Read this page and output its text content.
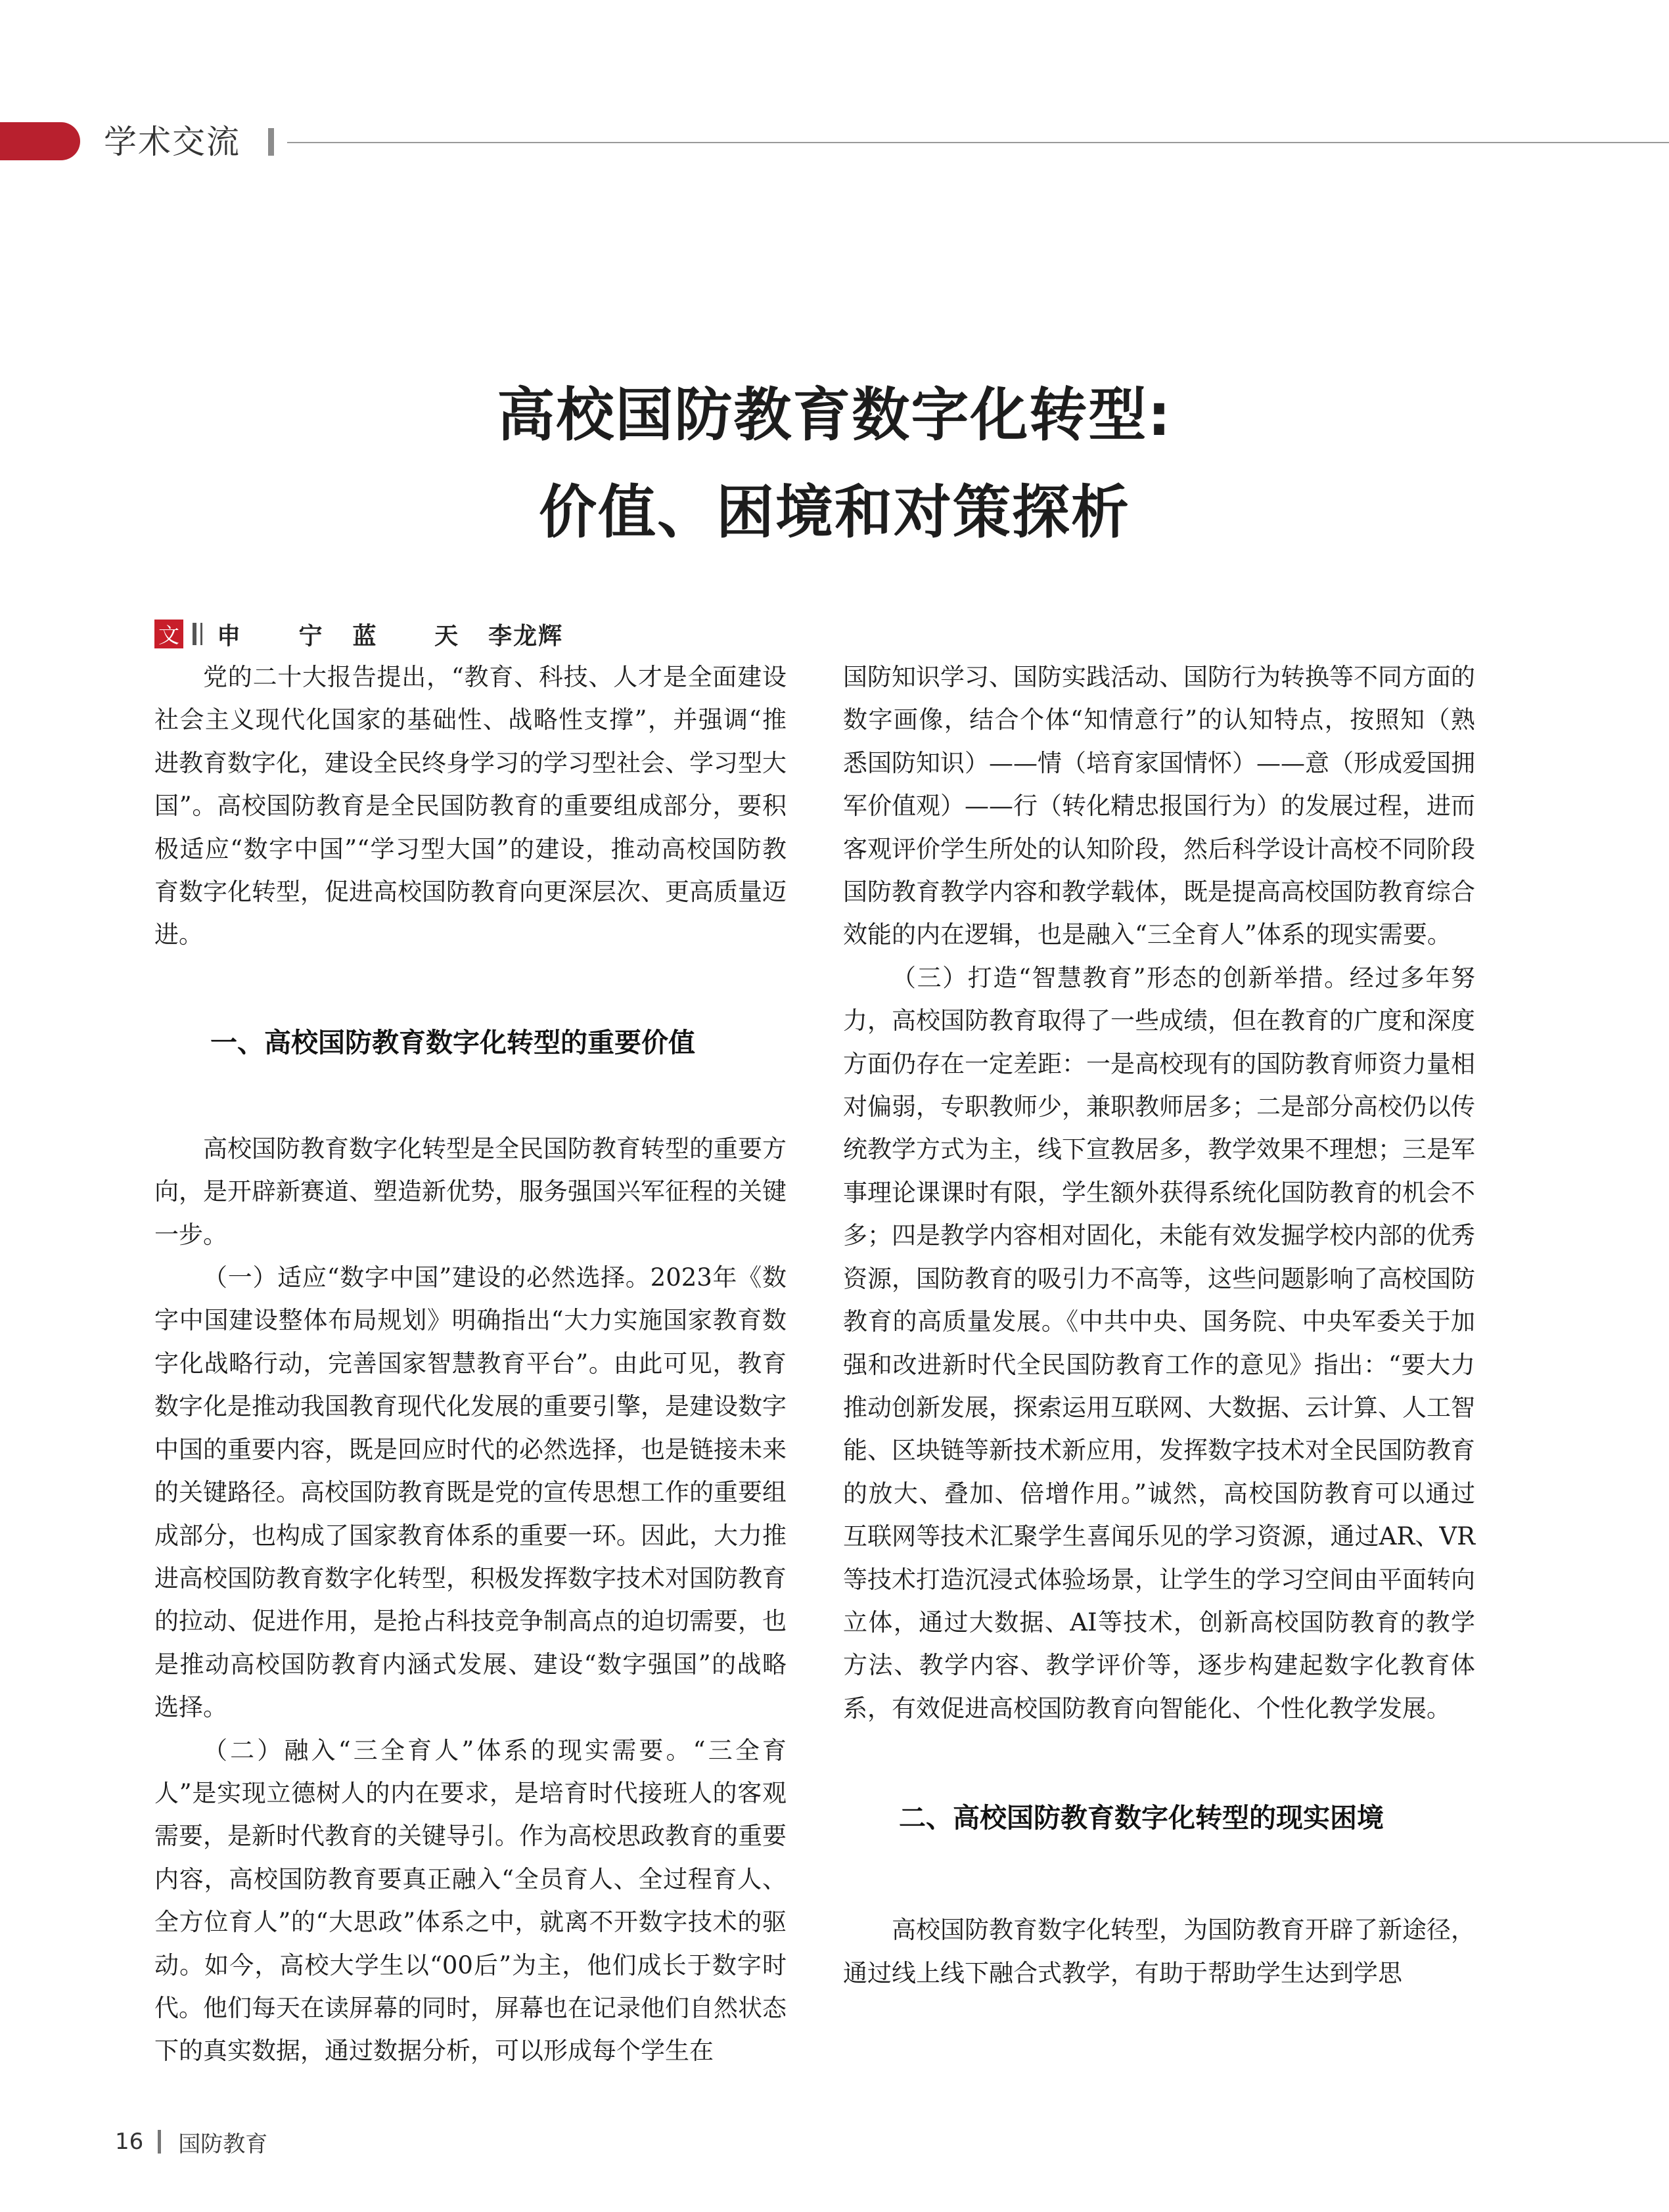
学术交流
高校国防教育数字化转型:
价值、困境和对策探析
文 申 宁 蓝 天 李龙辉

党的二十大报告提出，“教育、科技、人才是全面建设社会主义现代化国家的基础性、战略性支撑”，并强调“推进教育数字化，建设全民终身学习的学习型社会、学习型大国”。高校国防教育是全民国防教育的重要组成部分，要积极适应“数字中国”“学习型大国”的建设，推动高校国防教育数字化转型，促进高校国防教育向更深层次、更高质量迈进。

一、高校国防教育数字化转型的重要价值

高校国防教育数字化转型是全民国防教育转型的重要方向，是开辟新赛道、塑造新优势，服务强国兴军征程的关键一步。

（一）适应“数字中国”建设的必然选择。2023年《数字中国建设整体布局规划》明确指出“大力实施国家教育数字化战略行动，完善国家智慧教育平台”。由此可见，教育数字化是推动我国教育现代化发展的重要引擎，是建设数字中国的重要内容，既是回应时代的必然选择，也是链接未来的关键路径。高校国防教育既是党的宣传思想工作的重要组成部分，也构成了国家教育体系的重要一环。因此，大力推进高校国防教育数字化转型，积极发挥数字技术对国防教育的拉动、促进作用，是抢占科技竞争制高点的迫切需要，也是推动高校国防教育内涵式发展、建设“数字强国”的战略选择。

（二）融入“三全育人”体系的现实需要。“三全育人”是实现立德树人的内在要求，是培育时代接班人的客观需要，是新时代教育的关键导引。作为高校思政教育的重要内容，高校国防教育要真正融入“全员育人、全过程育人、全方位育人”的“大思政”体系之中，就离不开数字技术的驱动。如今，高校大学生以“00后”为主，他们成长于数字时代。他们每天在读屏幕的同时，屏幕也在记录他们自然状态下的真实数据，通过数据分析，可以形成每个学生在

国防知识学习、国防实践活动、国防行为转换等不同方面的数字画像，结合个体“知情意行”的认知特点，按照知（熟悉国防知识）——情（培育家国情怀）——意（形成爱国拥军价值观）——行（转化精忠报国行为）的发展过程，进而客观评价学生所处的认知阶段，然后科学设计高校不同阶段国防教育教学内容和教学载体，既是提高高校国防教育综合效能的内在逻辑，也是融入“三全育人”体系的现实需要。

（三）打造“智慧教育”形态的创新举措。经过多年努力，高校国防教育取得了一些成绩，但在教育的广度和深度方面仍存在一定差距：一是高校现有的国防教育师资力量相对偏弱，专职教师少，兼职教师居多；二是部分高校仍以传统教学方式为主，线下宣教居多，教学效果不理想；三是军事理论课课时有限，学生额外获得系统化国防教育的机会不多；四是教学内容相对固化，未能有效发掘学校内部的优秀资源，国防教育的吸引力不高等，这些问题影响了高校国防教育的高质量发展。《中共中央、国务院、中央军委关于加强和改进新时代全民国防教育工作的意见》指出：“要大力推动创新发展，探索运用互联网、大数据、云计算、人工智能、区块链等新技术新应用，发挥数字技术对全民国防教育的放大、叠加、倍增作用。”诚然，高校国防教育可以通过互联网等技术汇聚学生喜闻乐见的学习资源，通过AR、VR等技术打造沉浸式体验场景，让学生的学习空间由平面转向立体，通过大数据、AI等技术，创新高校国防教育的教学方法、教学内容、教学评价等，逐步构建起数字化教育体系，有效促进高校国防教育向智能化、个性化教学发展。

二、高校国防教育数字化转型的现实困境

高校国防教育数字化转型，为国防教育开辟了新途径，通过线上线下融合式教学，有助于帮助学生达到学思

16 国防教育
